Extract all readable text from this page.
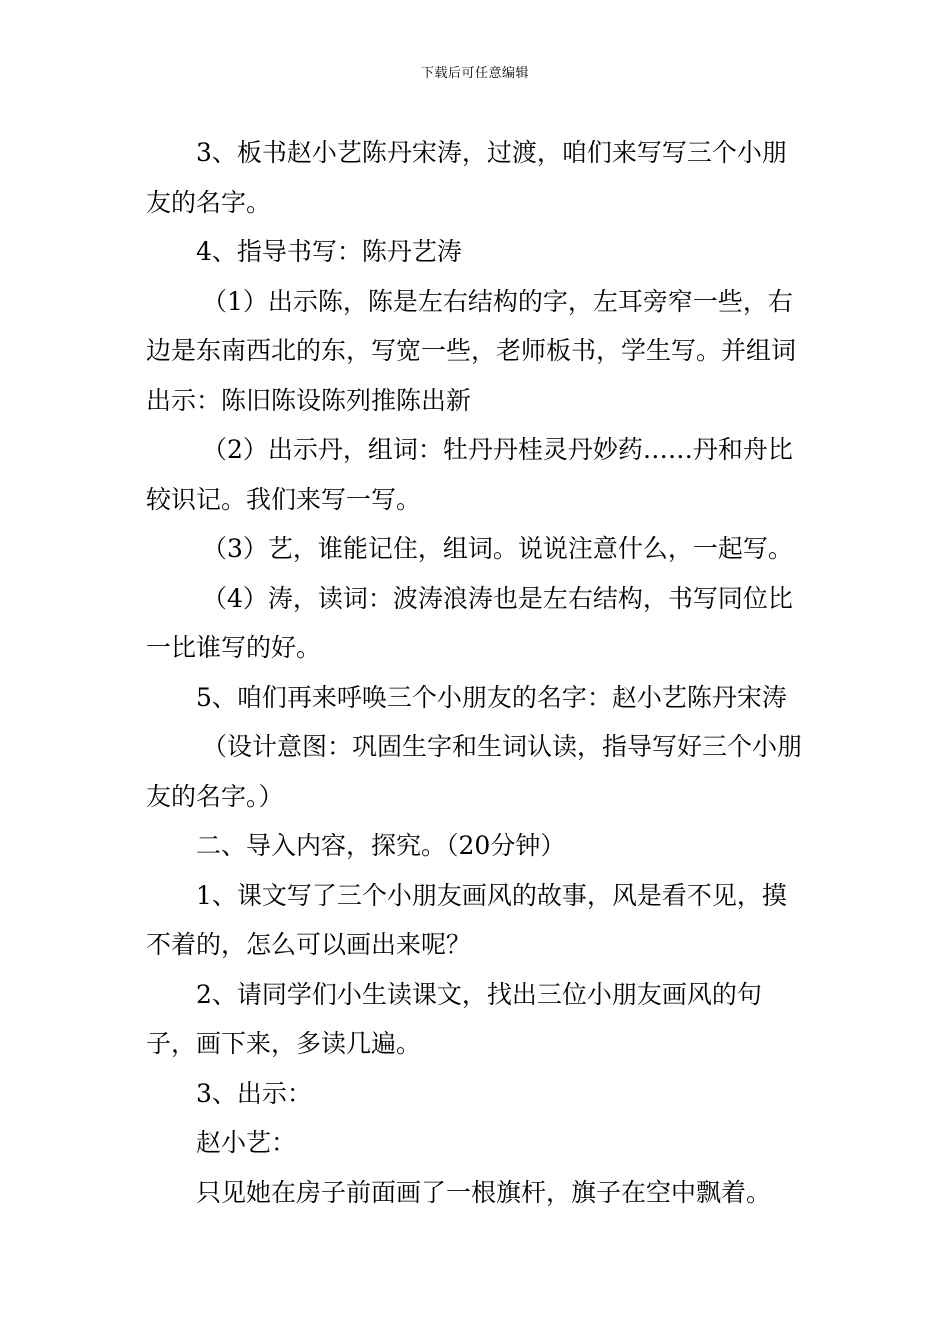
下载后可任意编辑

3、板书赵小艺陈丹宋涛，过渡，咱们来写写三个小朋友的名字。

4、指导书写：陈丹艺涛

（1）出示陈，陈是左右结构的字，左耳旁窄一些，右边是东南西北的东，写宽一些，老师板书，学生写。并组词出示：陈旧陈设陈列推陈出新

（2）出示丹，组词：牡丹丹桂灵丹妙药……丹和舟比较识记。我们来写一写。

（3）艺，谁能记住，组词。说说注意什么，一起写。

（4）涛，读词：波涛浪涛也是左右结构，书写同位比一比谁写的好。

5、咱们再来呼唤三个小朋友的名字：赵小艺陈丹宋涛

（设计意图：巩固生字和生词认读，指导写好三个小朋友的名字。）

二、导入内容，探究。（20分钟）

1、课文写了三个小朋友画风的故事，风是看不见，摸不着的，怎么可以画出来呢？

2、请同学们小生读课文，找出三位小朋友画风的句子，画下来，多读几遍。

3、出示：

赵小艺：

只见她在房子前面画了一根旗杆，旗子在空中飘着。
